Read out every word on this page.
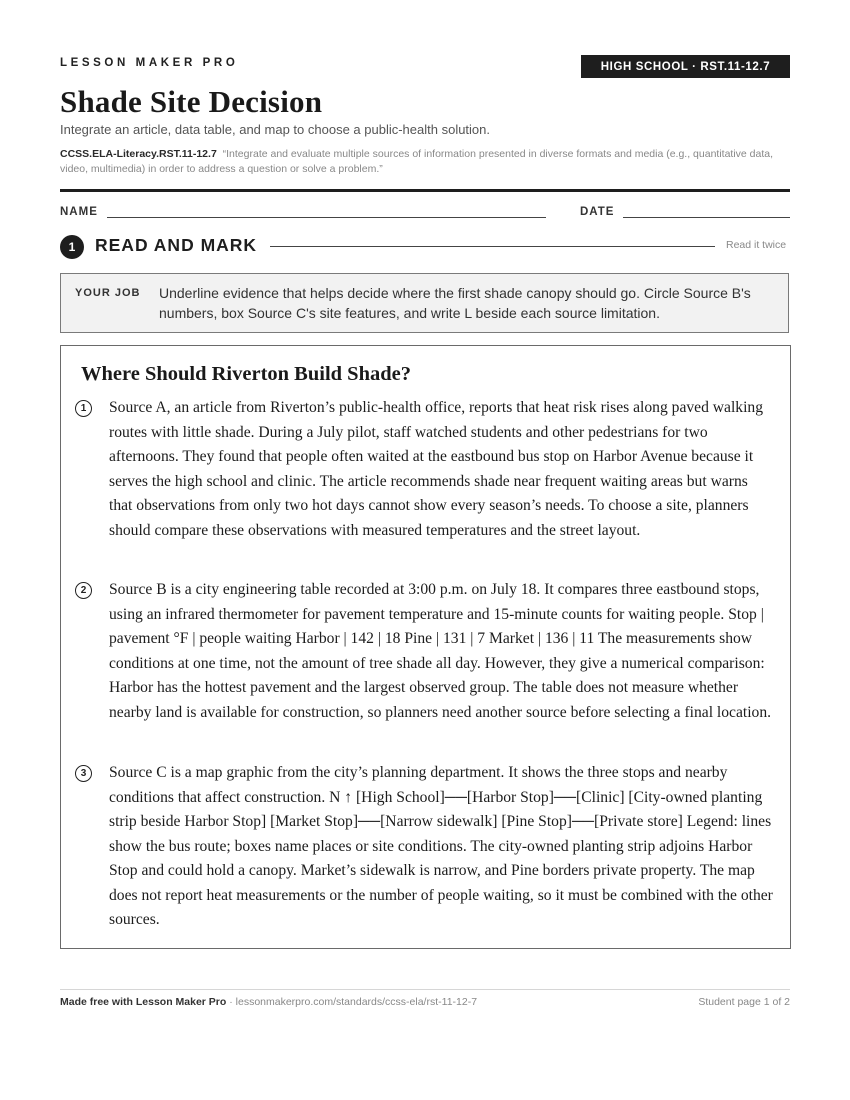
LESSON MAKER PRO	HIGH SCHOOL · RST.11-12.7
Shade Site Decision
Integrate an article, data table, and map to choose a public-health solution.
CCSS.ELA-Literacy.RST.11-12.7 “Integrate and evaluate multiple sources of information presented in diverse formats and media (e.g., quantitative data, video, multimedia) in order to address a question or solve a problem.”
NAME	DATE
1	READ AND MARK	Read it twice
YOUR JOB Underline evidence that helps decide where the first shade canopy should go. Circle Source B's numbers, box Source C's site features, and write L beside each source limitation.
Where Should Riverton Build Shade?
1	Source A, an article from Riverton’s public-health office, reports that heat risk rises along paved walking routes with little shade. During a July pilot, staff watched students and other pedestrians for two afternoons. They found that people often waited at the eastbound bus stop on Harbor Avenue because it serves the high school and clinic. The article recommends shade near frequent waiting areas but warns that observations from only two hot days cannot show every season’s needs. To choose a site, planners should compare these observations with measured temperatures and the street layout.

2	Source B is a city engineering table recorded at 3:00 p.m. on July 18. It compares three eastbound stops, using an infrared thermometer for pavement temperature and 15-minute counts for waiting people. Stop | pavement °F | people waiting Harbor | 142 | 18 Pine | 131 | 7 Market | 136 | 11 The measurements show conditions at one time, not the amount of tree shade all day. However, they give a numerical comparison: Harbor has the hottest pavement and the largest observed group. The table does not measure whether nearby land is available for construction, so planners need another source before selecting a final location.

3	Source C is a map graphic from the city’s planning department. It shows the three stops and nearby conditions that affect construction. N ↑ [High School]──[Harbor Stop]──[Clinic] [City-owned planting strip beside Harbor Stop] [Market Stop]──[Narrow sidewalk] [Pine Stop]──[Private store] Legend: lines show the bus route; boxes name places or site conditions. The city-owned planting strip adjoins Harbor Stop and could hold a canopy. Market’s sidewalk is narrow, and Pine borders private property. The map does not report heat measurements or the number of people waiting, so it must be combined with the other sources.

Made free with Lesson Maker Pro · lessonmakerpro.com/standards/ccss-ela/rst-11-12-7	Student page 1 of 2
